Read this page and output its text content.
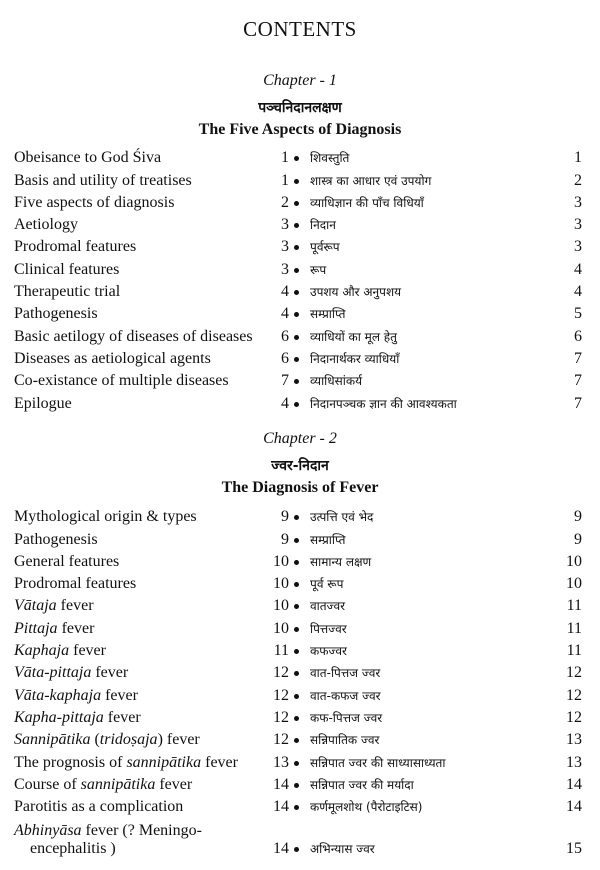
CONTENTS
Chapter - 1
पञ्चनिदानलक्षण
The Five Aspects of Diagnosis
Obeisance to God Śiva	1 शिवस्तुति	1
Basis and utility of treatises	1 शास्त्र का आधार एवं उपयोग	2
Five aspects of diagnosis	2 व्याधिज्ञान की पाँच विधियाँ	3
Aetiology	3 निदान	3
Prodromal features	3 पूर्वरूप	3
Clinical features	3 रूप	4
Therapeutic trial	4 उपशय और अनुपशय	4
Pathogenesis	4 सम्प्राप्ति	5
Basic aetilogy of diseases of diseases 6 व्याधियों का मूल हेतु	6
Diseases as aetiological agents	6 निदानार्थकर व्याधियाँ	7
Co-existance of multiple diseases	7 व्याधिसांकर्य	7
Epilogue	4 निदानपञ्चक ज्ञान की आवश्यकता	7
Chapter - 2
ज्वर-निदान
The Diagnosis of Fever
Mythological origin & types	9 उत्पत्ति एवं भेद	9
Pathogenesis	9 सम्प्राप्ति	9
General features	10 सामान्य लक्षण	10
Prodromal features	10 पूर्व रूप	10
Vātaja fever	10 वातज्वर	11
Pittaja fever	10 पित्तज्वर	11
Kaphaja fever	11 कफज्वर	11
Vāta-pittaja fever	12 वात-पित्तज ज्वर	12
Vāta-kaphaja fever	12 वात-कफज ज्वर	12
Kapha-pittaja fever	12 कफ-पित्तज ज्वर	12
Sannipātika (tridoṣaja) fever	12 सन्निपातिक ज्वर	13
The prognosis of sannipātika fever 13 सन्निपात ज्वर की साध्यासाध्यता	13
Course of sannipātika fever	14 सन्निपात ज्वर की मर्यादा	14
Parotitis as a complication	14 कर्णमूलशोथ (पैरोटाइटिस)	14
Abhinyāsa fever (? Meningo-
encephalitis )	14 अभिन्यास ज्वर	15
